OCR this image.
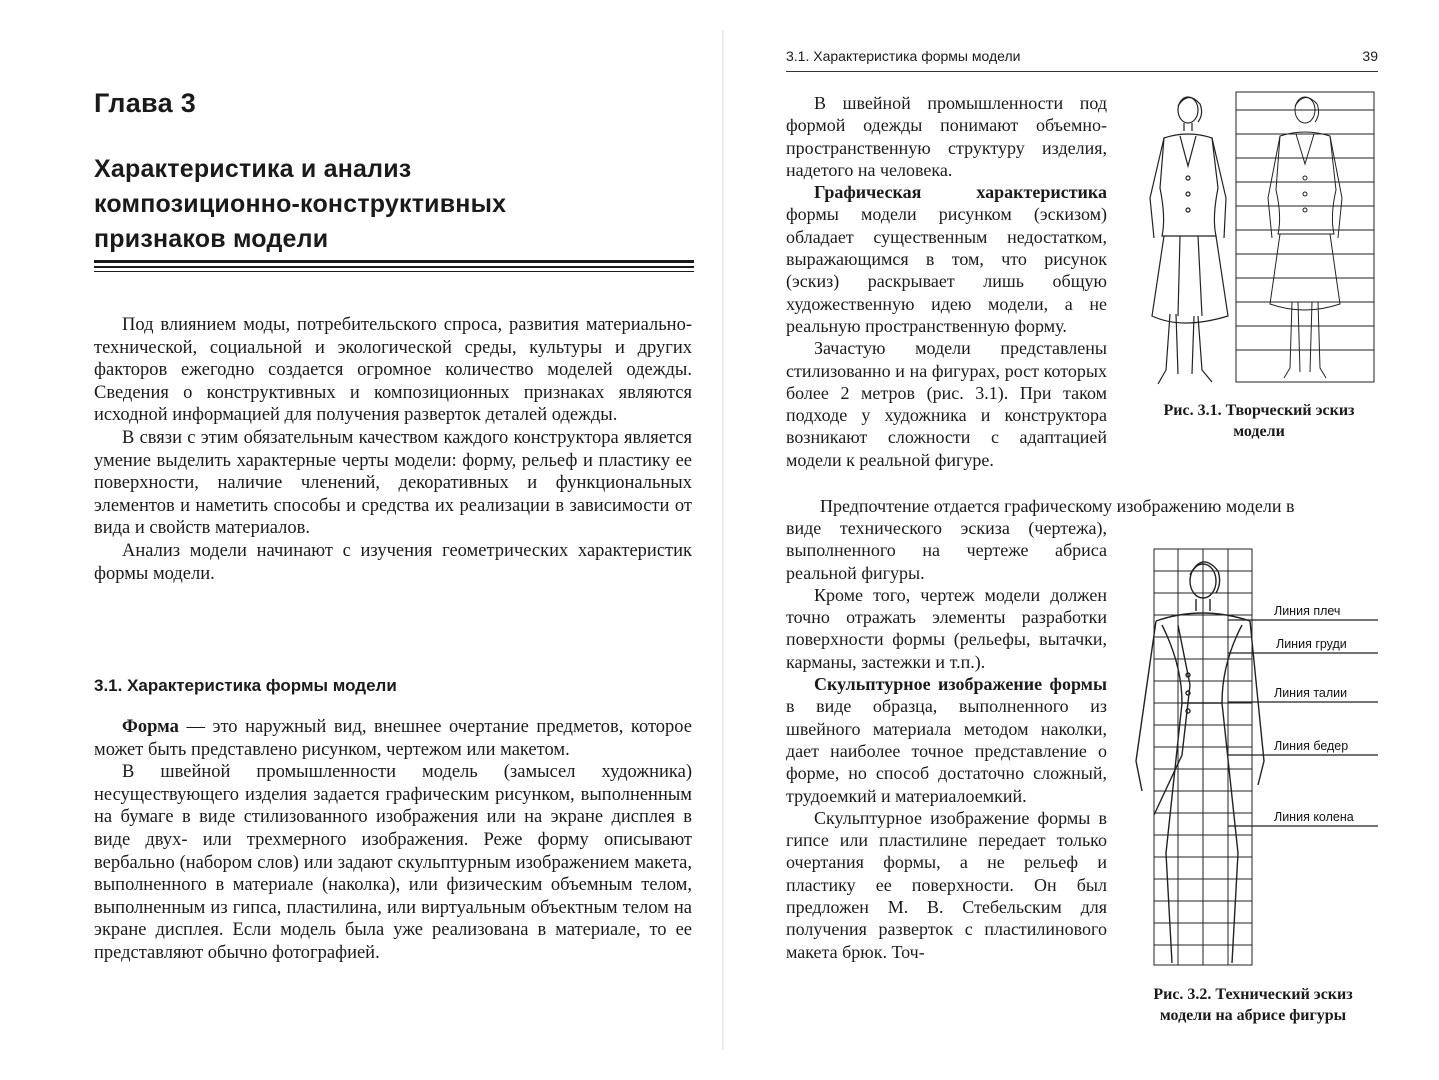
Глава 3
Характеристика и анализ
композиционно-конструктивных
признаков модели

Под влиянием моды, потребительского спроса, развития материально-технической, социальной и экологической среды, культуры и других факторов ежегодно создается огромное количество моделей одежды. Сведения о конструктивных и композиционных признаках являются исходной информацией для получения разверток деталей одежды.

В связи с этим обязательным качеством каждого конструктора является умение выделить характерные черты модели: форму, рельеф и пластику ее поверхности, наличие членений, декоративных и функциональных элементов и наметить способы и средства их реализации в зависимости от вида и свойств материалов.

Анализ модели начинают с изучения геометрических характеристик формы модели.

3.1. Характеристика формы модели

Форма — это наружный вид, внешнее очертание предметов, которое может быть представлено рисунком, чертежом или макетом.

В швейной промышленности модель (замысел художника) несуществующего изделия задается графическим рисунком, выполненным на бумаге в виде стилизованного изображения или на экране дисплея в виде двух- или трехмерного изображения. Реже форму описывают вербально (набором слов) или задают скульптурным изображением макета, выполненного в материале (наколка), или физическим объемным телом, выполненным из гипса, пластилина, или виртуальным объектным телом на экране дисплея. Если модель была уже реализована в материале, то ее представляют обычно фотографией.

3.1. Характеристика формы модели	39

В швейной промышленности под формой одежды понимают объемно-пространственную структуру изделия, надетого на человека.

Графическая характеристика формы модели рисунком (эскизом) обладает существенным недостатком, выражающимся в том, что рисунок (эскиз) раскрывает лишь общую художественную идею модели, а не реальную пространственную форму.

Зачастую модели представлены стилизованно и на фигурах, рост которых более 2 метров (рис. 3.1). При таком подходе у художника и конструктора возникают сложности с адаптацией модели к реальной фигуре.

Предпочтение отдается графическому изображению модели в

виде технического эскиза (чертежа), выполненного на чертеже абриса реальной фигуры.

Кроме того, чертеж модели должен точно отражать элементы разработки поверхности формы (рельефы, вытачки, карманы, застежки и т.п.).

Скульптурное изображение формы в виде образца, выполненного из швейного материала методом наколки, дает наиболее точное представление о форме, но способ достаточно сложный, трудоемкий и материалоемкий.

Скульптурное изображение формы в гипсе или пластилине передает только очертания формы, а не рельеф и пластику ее поверхности. Он был предложен М. В. Стебельским для получения разверток с пластилинового макета брюк. Точ-

Рис. 3.1. Творческий эскиз
модели
Линия плеч
Линия груди
Линия талии
Линия бедер
Линия колена
Рис. 3.2. Технический эскиз
модели на абрисе фигуры
